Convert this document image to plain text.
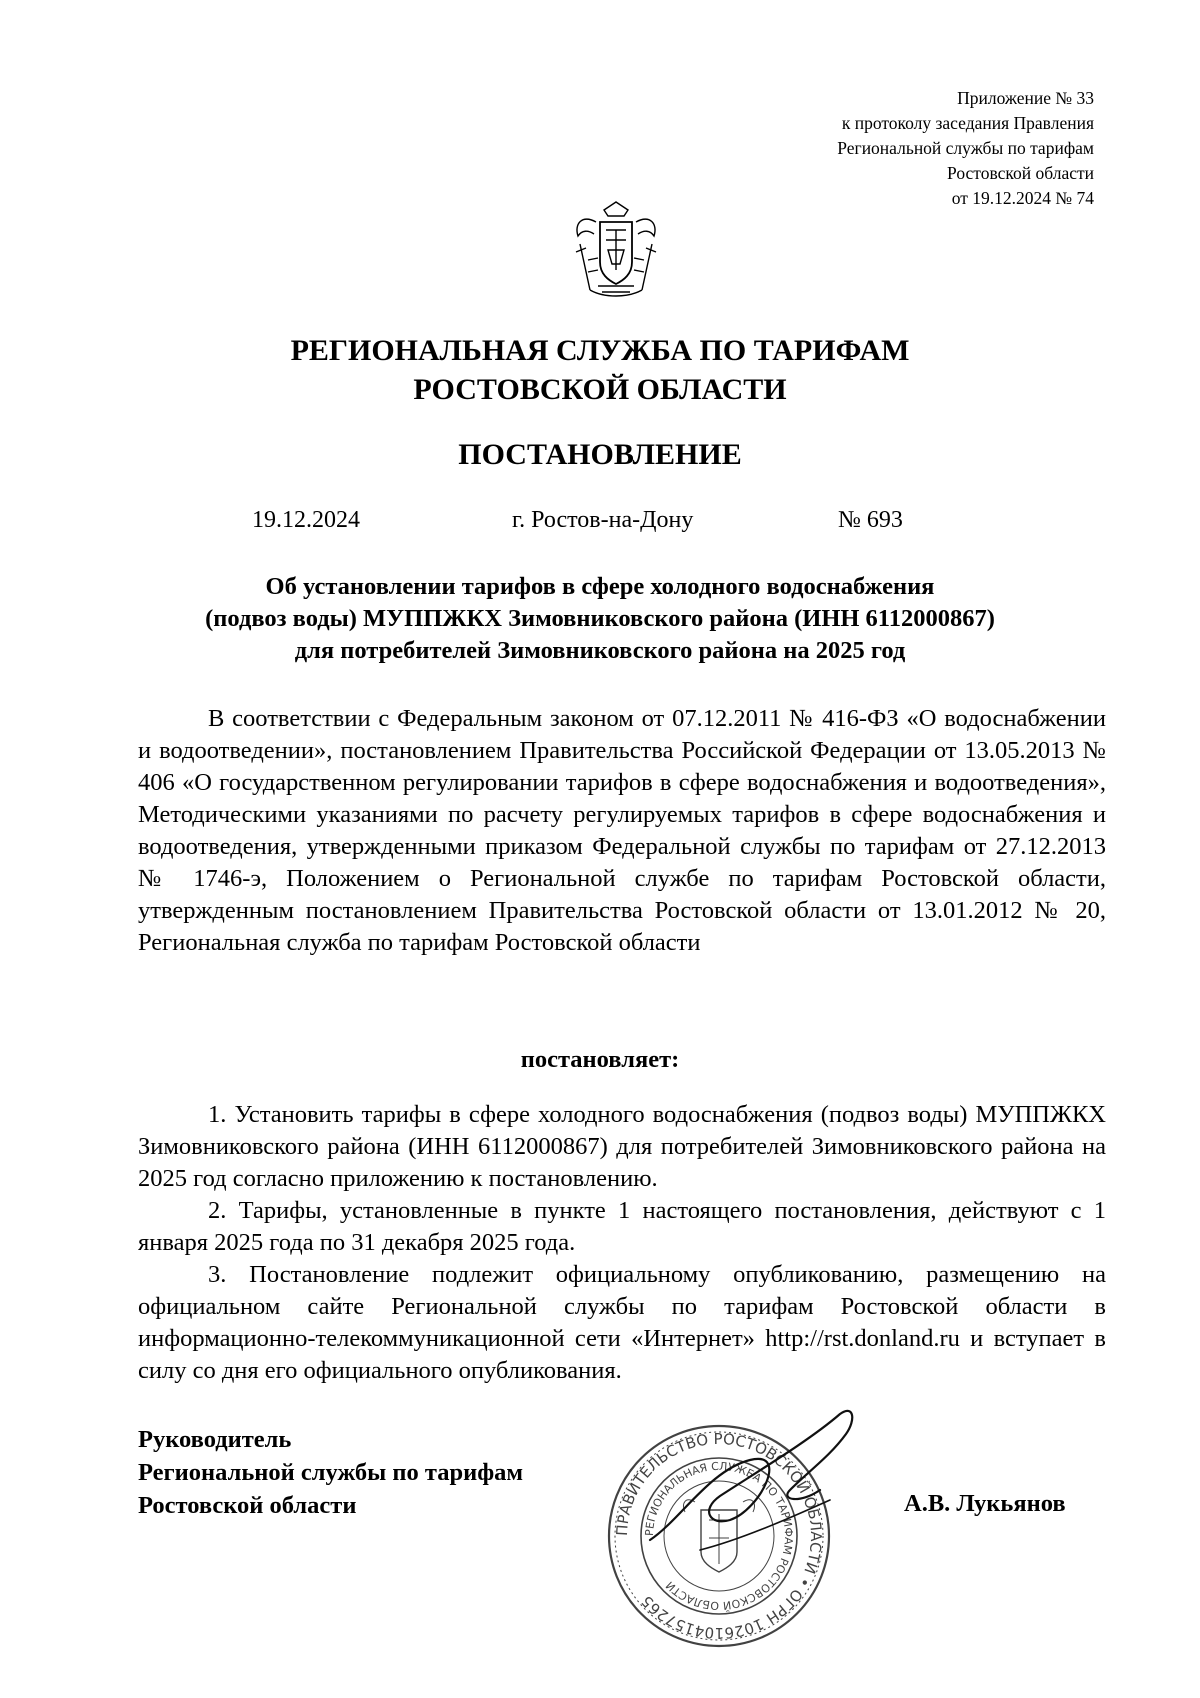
Приложение № 33
к протоколу заседания Правления
Региональной службы по тарифам
Ростовской области
от 19.12.2024 № 74
РЕГИОНАЛЬНАЯ СЛУЖБА ПО ТАРИФАМ
РОСТОВСКОЙ ОБЛАСТИ
ПОСТАНОВЛЕНИЕ
19.12.2024	г. Ростов-на-Дону	№ 693
Об установлении тарифов в сфере холодного водоснабжения
(подвоз воды) МУППЖКХ Зимовниковского района (ИНН 6112000867)
для потребителей Зимовниковского района на 2025 год

В соответствии с Федеральным законом от 07.12.2011 № 416-ФЗ «О водоснабжении и водоотведении», постановлением Правительства Российской Федерации от 13.05.2013 № 406 «О государственном регулировании тарифов в сфере водоснабжения и водоотведения», Методическими указаниями по расчету регулируемых тарифов в сфере водоснабжения и водоотведения, утвержденными приказом Федеральной службы по тарифам от 27.12.2013 № 1746-э, Положением о Региональной службе по тарифам Ростовской области, утвержденным постановлением Правительства Ростовской области от 13.01.2012 № 20, Региональная служба по тарифам Ростовской области

постановляет:

1. Установить тарифы в сфере холодного водоснабжения (подвоз воды) МУППЖКХ Зимовниковского района (ИНН 6112000867) для потребителей Зимовниковского района на 2025 год согласно приложению к постановлению.

2. Тарифы, установленные в пункте 1 настоящего постановления, действуют с 1 января 2025 года по 31 декабря 2025 года.

3. Постановление подлежит официальному опубликованию, размещению на официальном сайте Региональной службы по тарифам Ростовской области в информационно-телекоммуникационной сети «Интернет» http://rst.donland.ru и вступает в силу со дня его официального опубликования.

Руководитель
Региональной службы по тарифам
Ростовской области
ПРАВИТЕЛЬСТВО РОСТОВСКОЙ ОБЛАСТИ • ОГРН 1026104157265
РЕГИОНАЛЬНАЯ СЛУЖБА ПО ТАРИФАМ РОСТОВСКОЙ ОБЛАСТИ
А.В. Лукьянов
